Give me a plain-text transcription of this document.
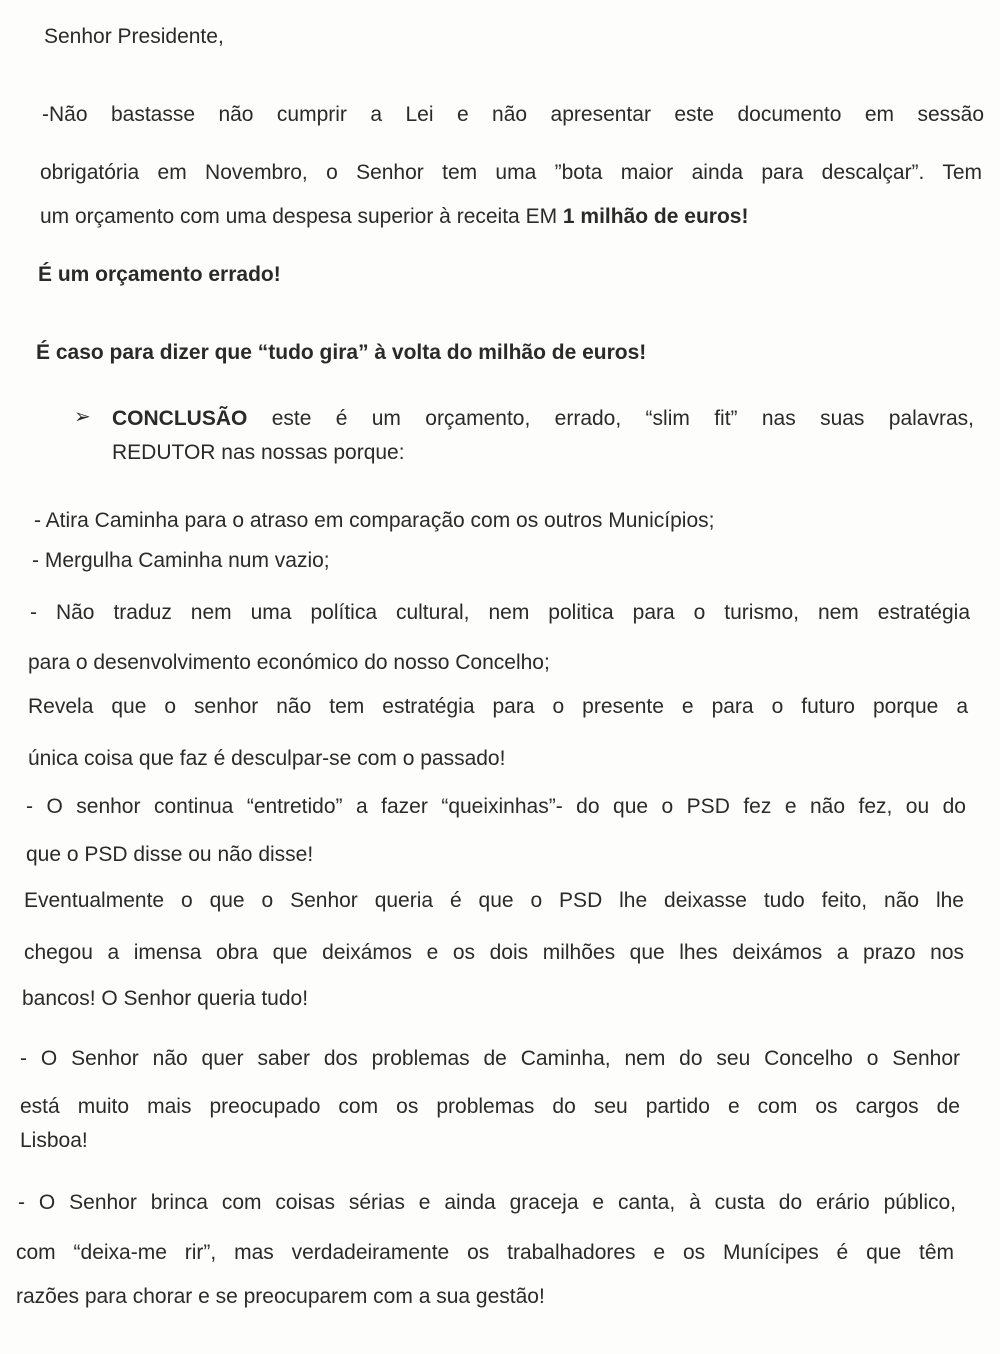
Senhor Presidente,
-Não bastasse não cumprir a Lei e não apresentar este documento em sessão
obrigatória em Novembro, o Senhor tem uma ”bota maior ainda para descalçar”. Tem
um orçamento com uma despesa superior à receita EM 1 milhão de euros!
É um orçamento errado!
É caso para dizer que “tudo gira” à volta do milhão de euros!
➢ CONCLUSÃO este é um orçamento, errado, “slim fit” nas suas palavras,
REDUTOR nas nossas porque:
- Atira Caminha para o atraso em comparação com os outros Municípios;
- Mergulha Caminha num vazio;
- Não traduz nem uma política cultural, nem politica para o turismo, nem estratégia
para o desenvolvimento económico do nosso Concelho;
Revela que o senhor não tem estratégia para o presente e para o futuro porque a
única coisa que faz é desculpar-se com o passado!
- O senhor continua “entretido” a fazer “queixinhas”- do que o PSD fez e não fez, ou do
que o PSD disse ou não disse!
Eventualmente o que o Senhor queria é que o PSD lhe deixasse tudo feito, não lhe
chegou a imensa obra que deixámos e os dois milhões que lhes deixámos a prazo nos
bancos! O Senhor queria tudo!
- O Senhor não quer saber dos problemas de Caminha, nem do seu Concelho o Senhor
está muito mais preocupado com os problemas do seu partido e com os cargos de
Lisboa!
- O Senhor brinca com coisas sérias e ainda graceja e canta, à custa do erário público,
com “deixa-me rir”, mas verdadeiramente os trabalhadores e os Munícipes é que têm
razões para chorar e se preocuparem com a sua gestão!
